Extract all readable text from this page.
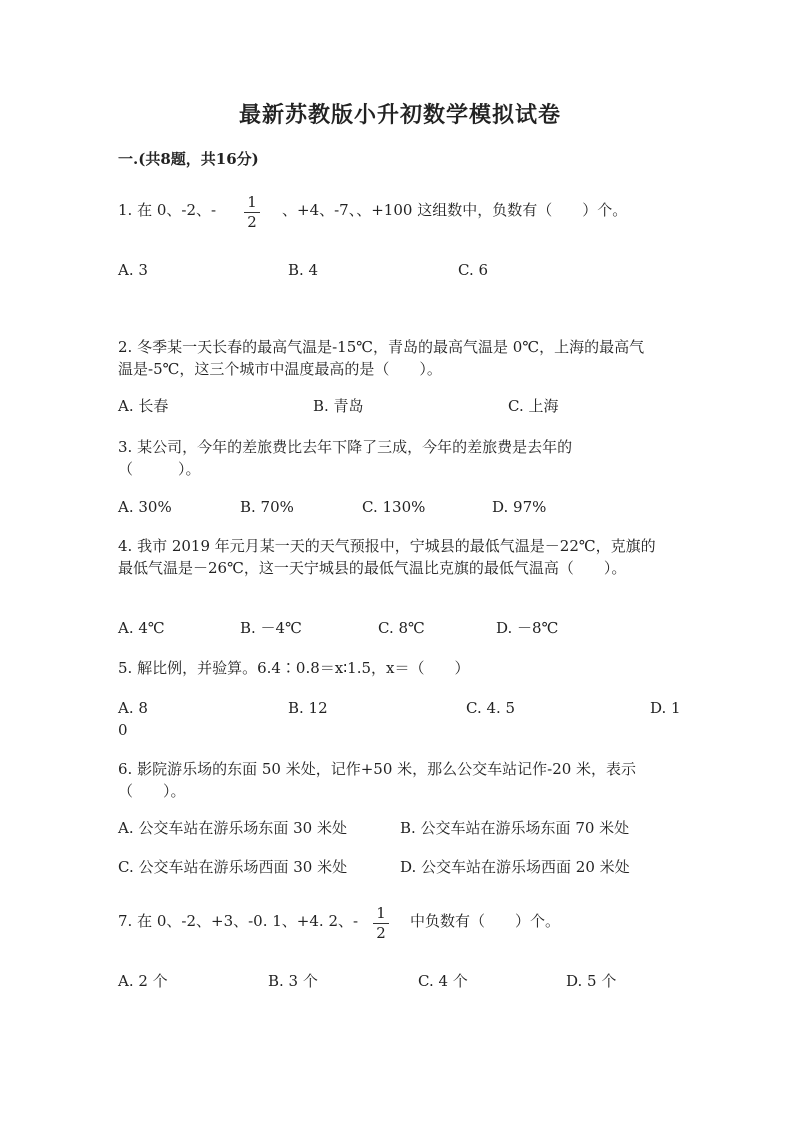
最新苏教版小升初数学模拟试卷
一.(共8题，共16分)
1. 在 0、-2、- $\frac{1}{2}$ 、+4、-7、、+100 这组数中，负数有（　　）个。
A. 3	B. 4	C. 6
2. 冬季某一天长春的最高气温是-15℃，青岛的最高气温是 0℃，上海的最高气
温是-5℃，这三个城市中温度最高的是（　　）。
A. 长春	B. 青岛	C. 上海
3. 某公司，今年的差旅费比去年下降了三成，今年的差旅费是去年的
（　　　）。
A. 30%	B. 70%	C. 130%	D. 97%
4. 我市 2019 年元月某一天的天气预报中，宁城县的最低气温是－22℃，克旗的
最低气温是－26℃，这一天宁城县的最低气温比克旗的最低气温高（　　）。
A. 4℃	B. －4℃	C. 8℃	D. －8℃
5. 解比例，并验算。6.4∶0.8＝x∶1.5，x＝（　　）
A. 8	B. 12	C. 4. 5	D. 1
0
6. 影院游乐场的东面 50 米处，记作+50 米，那么公交车站记作-20 米，表示
（　　）。
A. 公交车站在游乐场东面 30 米处	B. 公交车站在游乐场东面 70 米处
C. 公交车站在游乐场西面 30 米处	D. 公交车站在游乐场西面 20 米处
7. 在 0、-2、+3、-0. 1、+4. 2、- $\frac{1}{2}$ 中负数有（　　）个。
A. 2 个	B. 3 个	C. 4 个	D. 5 个
